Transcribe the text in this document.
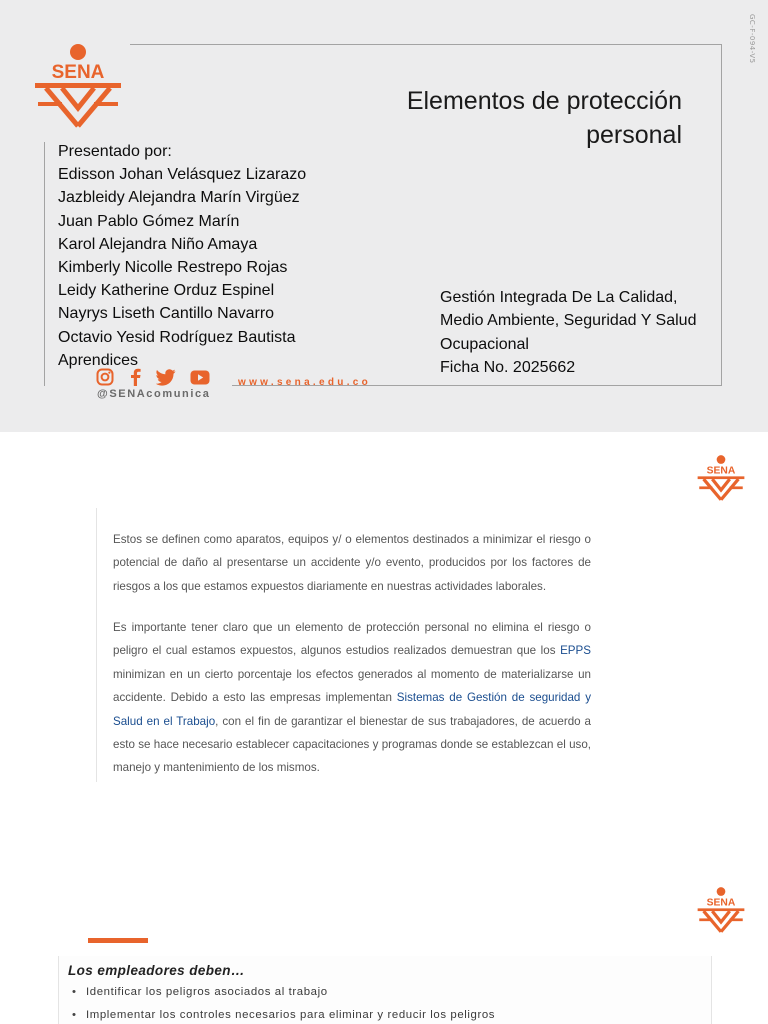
GC-F-094-V5
SENA
Elementos de protección
personal
Presentado por:
Edisson Johan Velásquez Lizarazo
Jazbleidy Alejandra Marín Virgüez
Juan Pablo Gómez Marín
Karol Alejandra Niño Amaya
Kimberly Nicolle Restrepo Rojas
Leidy Katherine Orduz Espinel
Nayrys Liseth Cantillo Navarro
Octavio Yesid Rodríguez Bautista
Aprendices
Gestión Integrada De La Calidad,
Medio Ambiente, Seguridad Y Salud
Ocupacional
Ficha No. 2025662
@SENAcomunica
www.sena.edu.co
SENA

Estos se definen como aparatos, equipos y/ o elementos destinados a minimizar el riesgo o potencial de daño al presentarse un accidente y/o evento, producidos por los factores de riesgos a los que estamos expuestos diariamente en nuestras actividades laborales.

Es importante tener claro que un elemento de protección personal no elimina el riesgo o peligro el cual estamos expuestos, algunos estudios realizados demuestran que los EPPS minimizan en un cierto porcentaje los efectos generados al momento de materializarse un accidente. Debido a esto las empresas implementan Sistemas de Gestión de seguridad y Salud en el Trabajo, con el fin de garantizar el bienestar de sus trabajadores, de acuerdo a esto se hace necesario establecer capacitaciones y programas donde se establezcan el uso, manejo y mantenimiento de los mismos.

SENA
Los empleadores deben…
• Identificar los peligros asociados al trabajo
• Implementar los controles necesarios para eliminar y reducir los peligros
